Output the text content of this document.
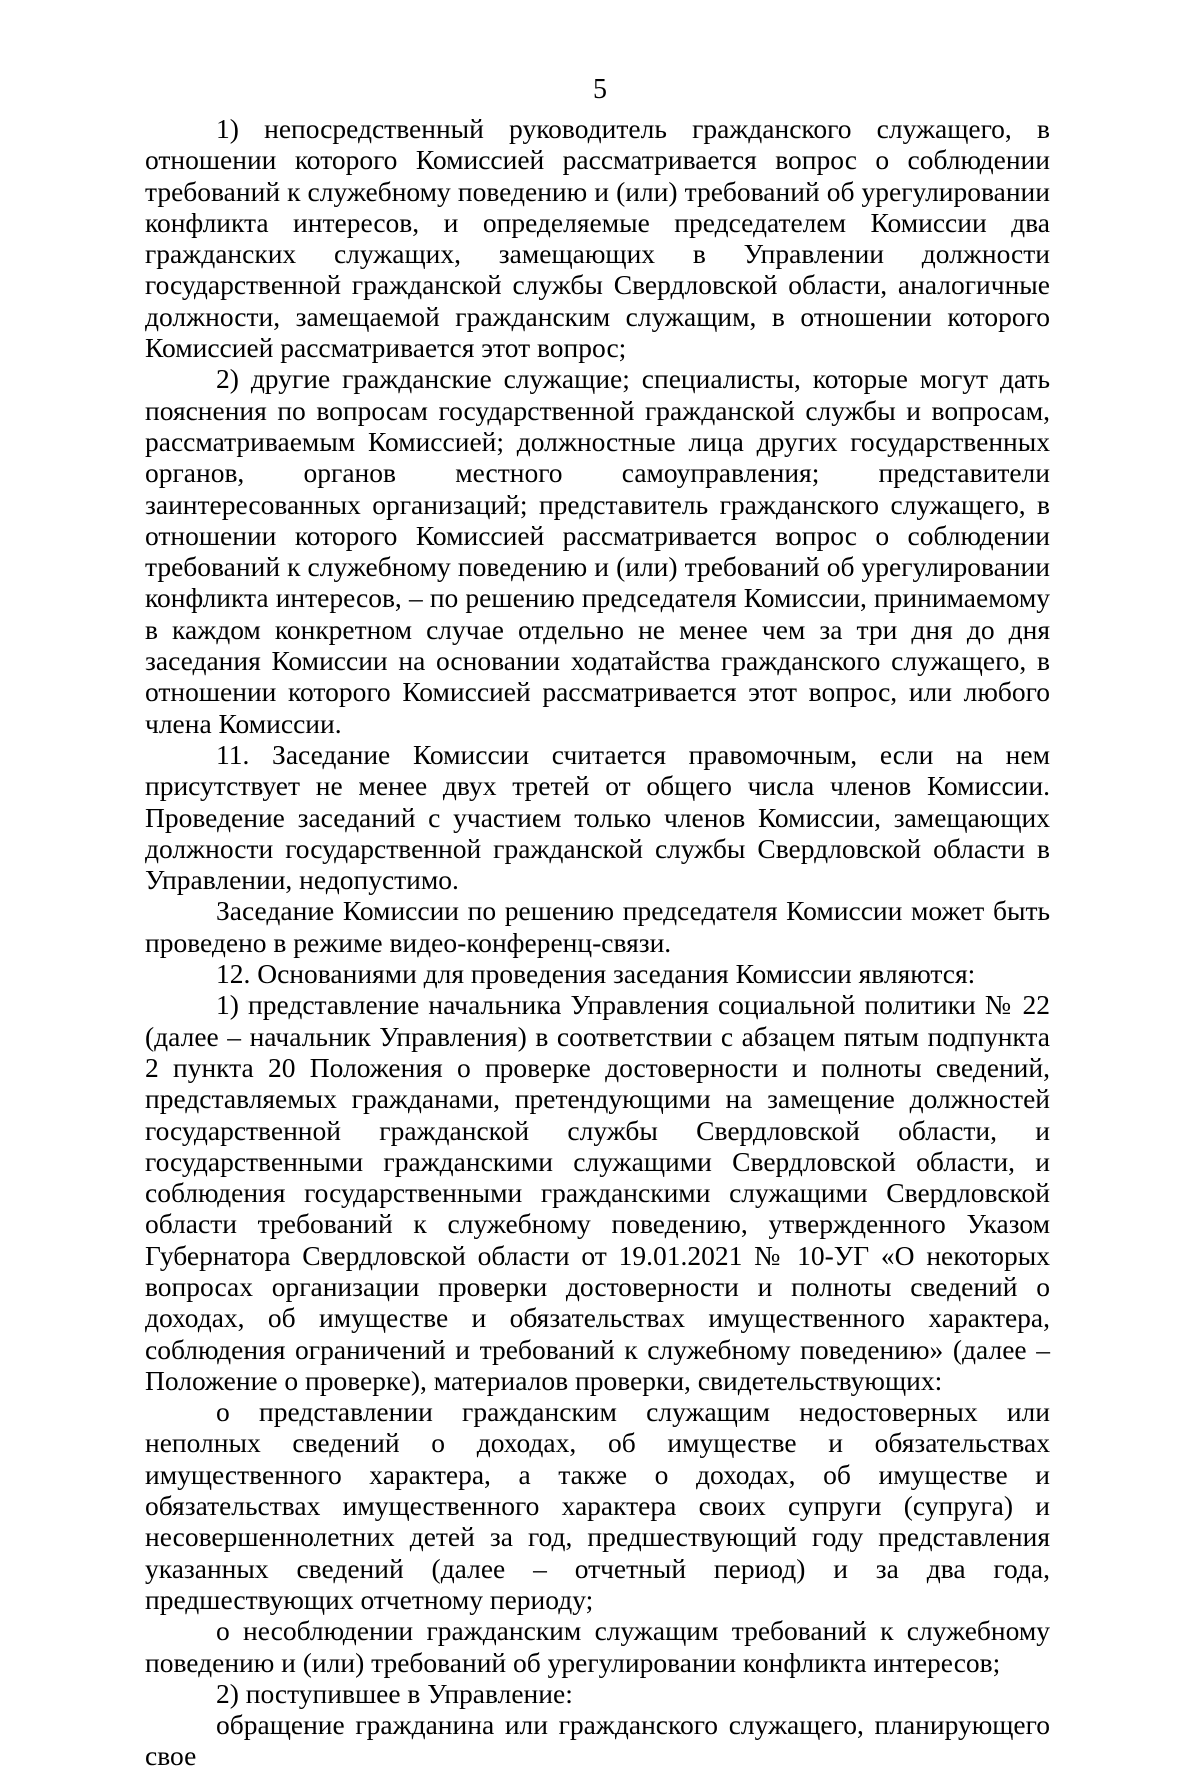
5

1) непосредственный руководитель гражданского служащего, в отношении которого Комиссией рассматривается вопрос о соблюдении требований к служебному поведению и (или) требований об урегулировании конфликта интересов, и определяемые председателем Комиссии два гражданских служащих, замещающих в Управлении должности государственной гражданской службы Свердловской области, аналогичные должности, замещаемой гражданским служащим, в отношении которого Комиссией рассматривается этот вопрос;

2) другие гражданские служащие; специалисты, которые могут дать пояснения по вопросам государственной гражданской службы и вопросам, рассматриваемым Комиссией; должностные лица других государственных органов, органов местного самоуправления; представители заинтересованных организаций; представитель гражданского служащего, в отношении которого Комиссией рассматривается вопрос о соблюдении требований к служебному поведению и (или) требований об урегулировании конфликта интересов, – по решению председателя Комиссии, принимаемому в каждом конкретном случае отдельно не менее чем за три дня до дня заседания Комиссии на основании ходатайства гражданского служащего, в отношении которого Комиссией рассматривается этот вопрос, или любого члена Комиссии.

11. Заседание Комиссии считается правомочным, если на нем присутствует не менее двух третей от общего числа членов Комиссии. Проведение заседаний с участием только членов Комиссии, замещающих должности государственной гражданской службы Свердловской области в Управлении, недопустимо.

Заседание Комиссии по решению председателя Комиссии может быть проведено в режиме видео-конференц-связи.

12. Основаниями для проведения заседания Комиссии являются:

1) представление начальника Управления социальной политики № 22 (далее – начальник Управления) в соответствии с абзацем пятым подпункта 2 пункта 20 Положения о проверке достоверности и полноты сведений, представляемых гражданами, претендующими на замещение должностей государственной гражданской службы Свердловской области, и государственными гражданскими служащими Свердловской области, и соблюдения государственными гражданскими служащими Свердловской области требований к служебному поведению, утвержденного Указом Губернатора Свердловской области от 19.01.2021 № 10-УГ «О некоторых вопросах организации проверки достоверности и полноты сведений о доходах, об имуществе и обязательствах имущественного характера, соблюдения ограничений и требований к служебному поведению» (далее – Положение о проверке), материалов проверки, свидетельствующих:

о представлении гражданским служащим недостоверных или неполных сведений о доходах, об имуществе и обязательствах имущественного характера, а также о доходах, об имуществе и обязательствах имущественного характера своих супруги (супруга) и несовершеннолетних детей за год, предшествующий году представления указанных сведений (далее – отчетный период) и за два года, предшествующих отчетному периоду;

о несоблюдении гражданским служащим требований к служебному поведению и (или) требований об урегулировании конфликта интересов;

2) поступившее в Управление:

обращение гражданина или гражданского служащего, планирующего свое
